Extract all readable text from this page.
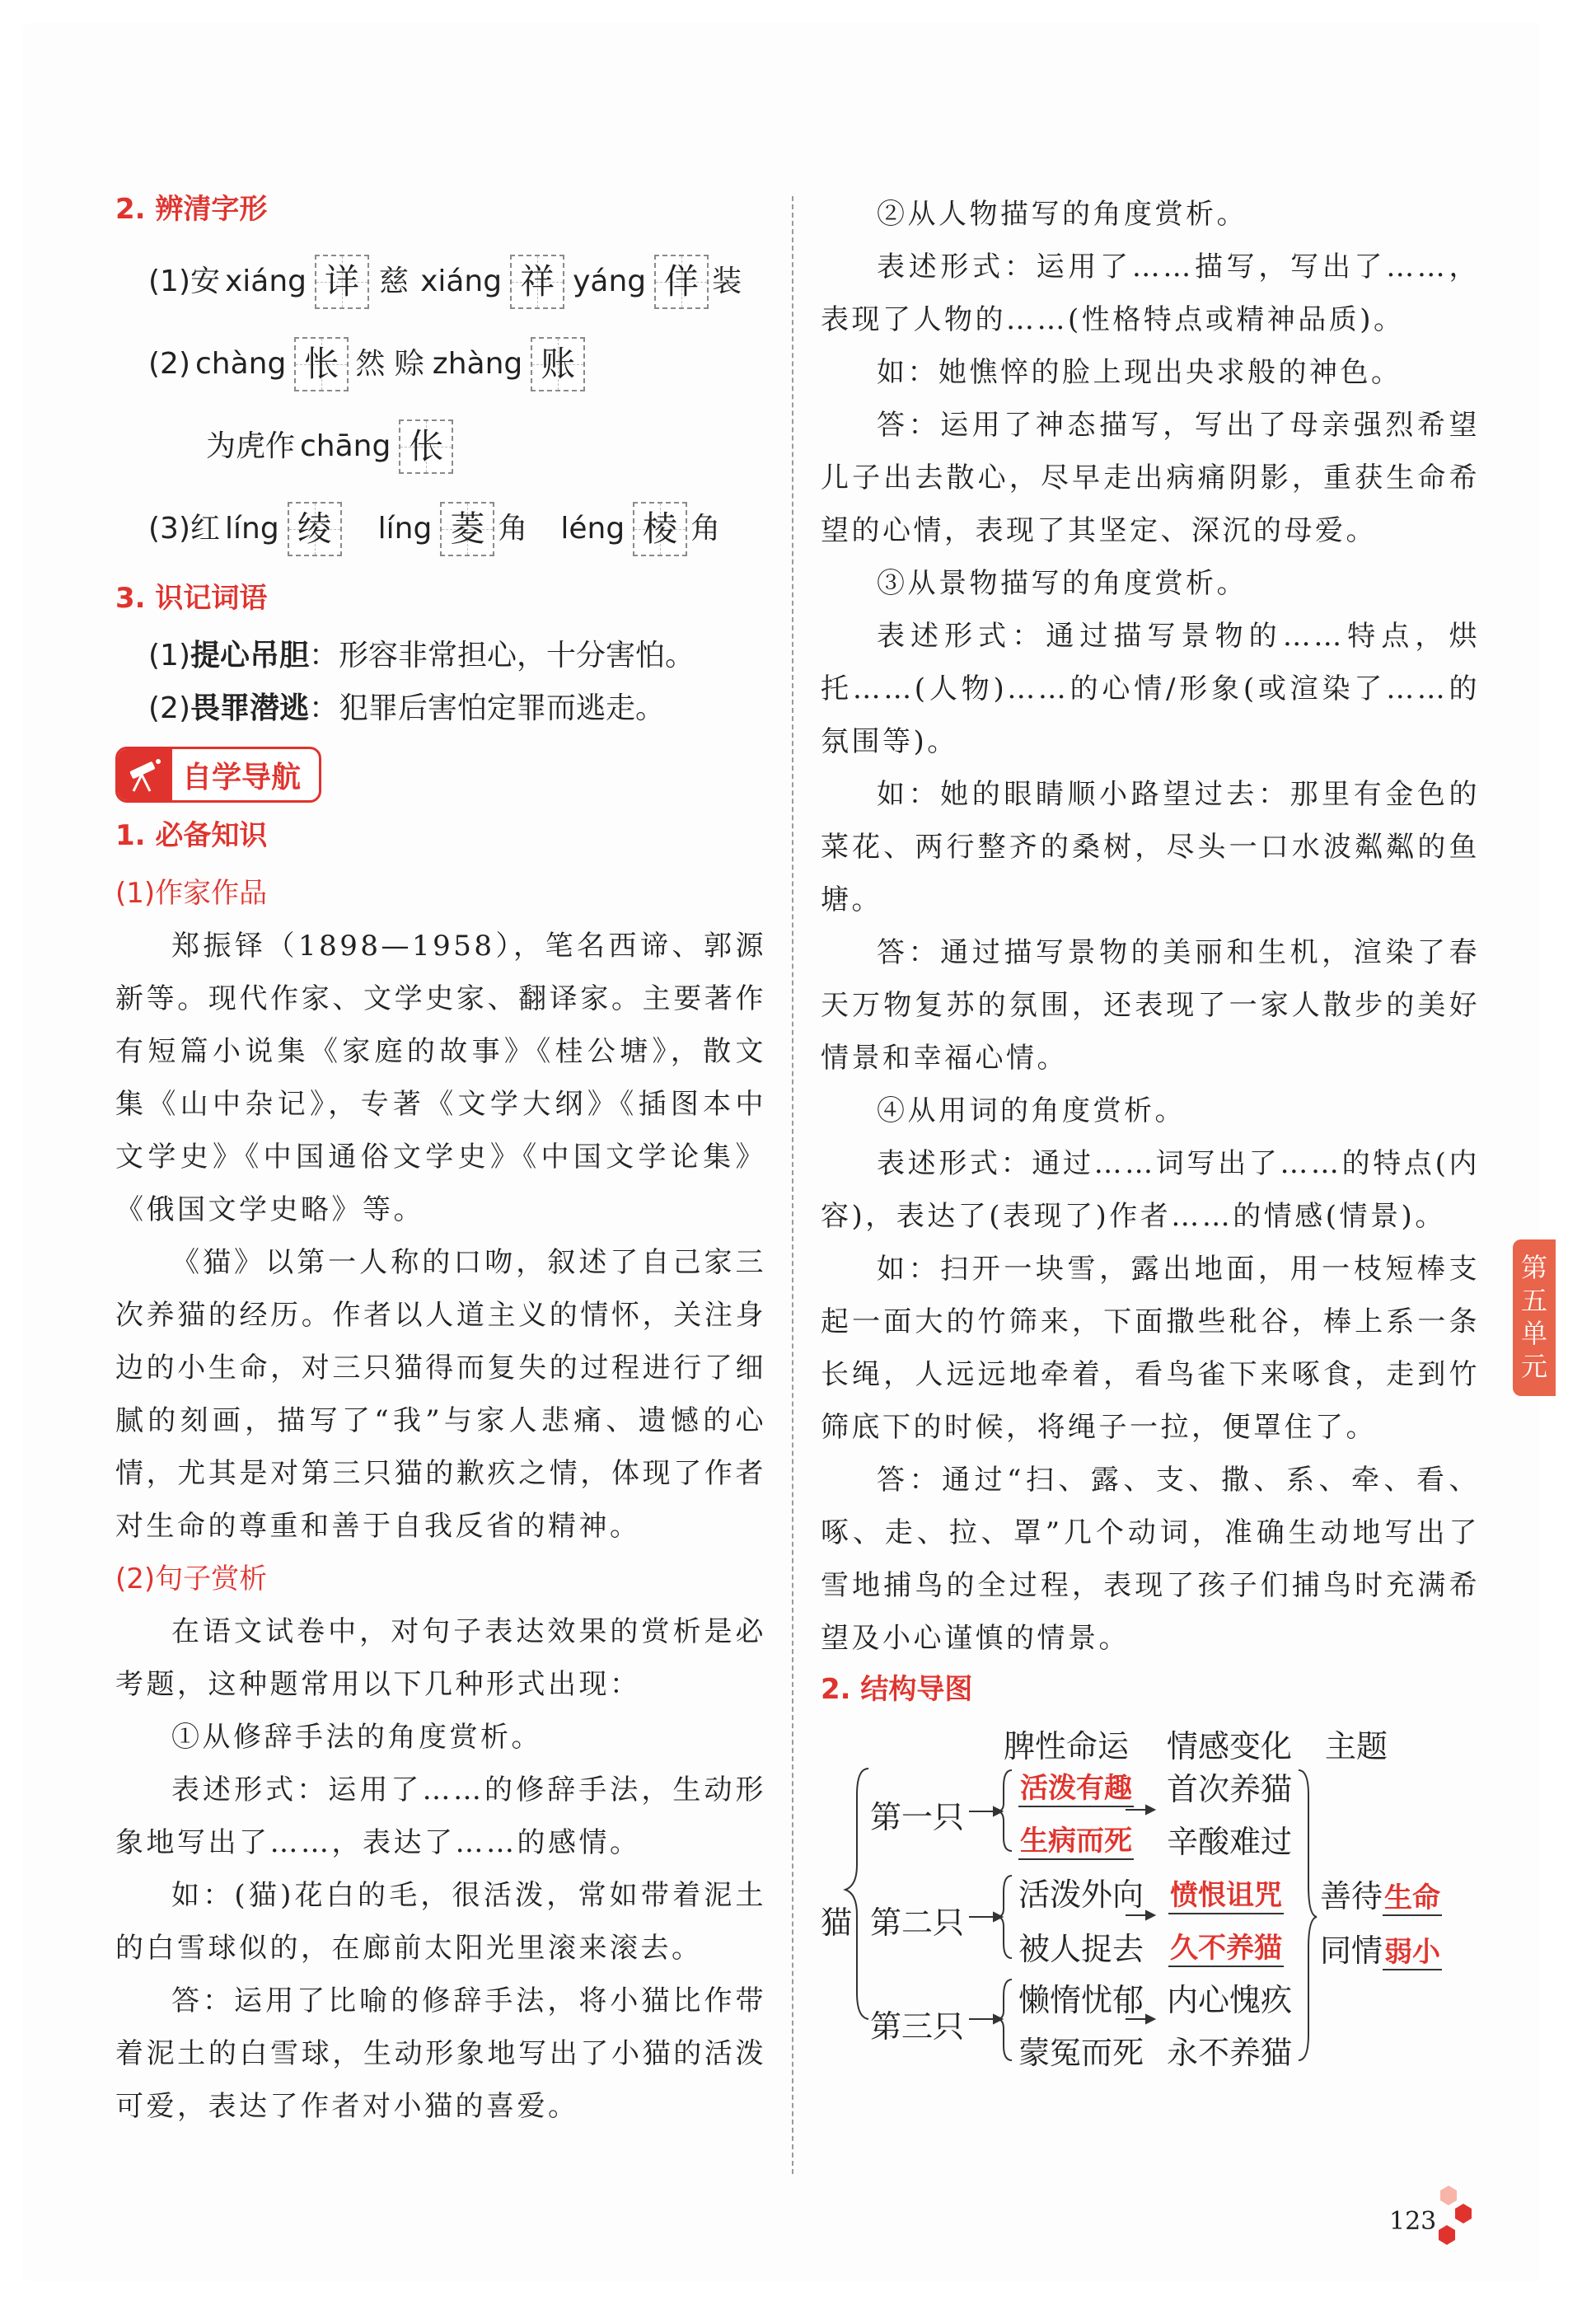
2. 辨清字形
(1)安 xiáng 详 慈 xiáng 祥 yáng 佯 装
(2) chàng 怅 然 赊 zhàng 账
为虎作 chāng 伥
(3)红 líng 绫	líng 菱 角 léng 棱 角
3. 识记词语
(1)提心吊胆：形容非常担心，十分害怕。
(2)畏罪潜逃：犯罪后害怕定罪而逃走。
自学导航
1. 必备知识
(1)作家作品

郑振铎（1898—1958），笔名西谛、郭源新等。现代作家、文学史家、翻译家。主要著作有短篇小说集《家庭的故事》《桂公塘》，散文集《山中杂记》，专著《文学大纲》《插图本中文学史》《中国通俗文学史》《中国文学论集》《俄国文学史略》等。

《猫》以第一人称的口吻，叙述了自己家三次养猫的经历。作者以人道主义的情怀，关注身边的小生命，对三只猫得而复失的过程进行了细腻的刻画，描写了“我”与家人悲痛、遗憾的心情，尤其是对第三只猫的歉疚之情，体现了作者对生命的尊重和善于自我反省的精神。

(2)句子赏析

在语文试卷中，对句子表达效果的赏析是必考题，这种题常用以下几种形式出现：

①从修辞手法的角度赏析。

表述形式：运用了……的修辞手法，生动形象地写出了……，表达了……的感情。

如：(猫)花白的毛，很活泼，常如带着泥土的白雪球似的，在廊前太阳光里滚来滚去。

答：运用了比喻的修辞手法，将小猫比作带着泥土的白雪球，生动形象地写出了小猫的活泼可爱，表达了作者对小猫的喜爱。

②从人物描写的角度赏析。

表述形式：运用了……描写，写出了……，表现了人物的……(性格特点或精神品质)。

如：她憔悴的脸上现出央求般的神色。

答：运用了神态描写，写出了母亲强烈希望儿子出去散心，尽早走出病痛阴影，重获生命希望的心情，表现了其坚定、深沉的母爱。

③从景物描写的角度赏析。

表述形式：通过描写景物的……特点，烘托……(人物)……的心情/形象(或渲染了……的氛围等)。

如：她的眼睛顺小路望过去：那里有金色的菜花、两行整齐的桑树，尽头一口水波粼粼的鱼塘。

答：通过描写景物的美丽和生机，渲染了春天万物复苏的氛围，还表现了一家人散步的美好情景和幸福心情。

④从用词的角度赏析。

表述形式：通过……词写出了……的特点(内容)，表达了(表现了)作者……的情感(情景)。

如：扫开一块雪，露出地面，用一枝短棒支起一面大的竹筛来，下面撒些秕谷，棒上系一条长绳，人远远地牵着，看鸟雀下来啄食，走到竹筛底下的时候，将绳子一拉，便罩住了。

答：通过“扫、露、支、撒、系、牵、看、啄、走、拉、罩”几个动词，准确生动地写出了雪地捕鸟的全过程，表现了孩子们捕鸟时充满希望及小心谨慎的情景。

2. 结构导图
脾性命运 情感变化 主题
猫
第一只
第二只
第三只
活泼有趣
生病而死
首次养猫
辛酸难过
活泼外向
被人捉去
愤恨诅咒
久不养猫
懒惰忧郁
蒙冤而死
内心愧疚
永不养猫
善待生命
同情弱小
第五单元
123
